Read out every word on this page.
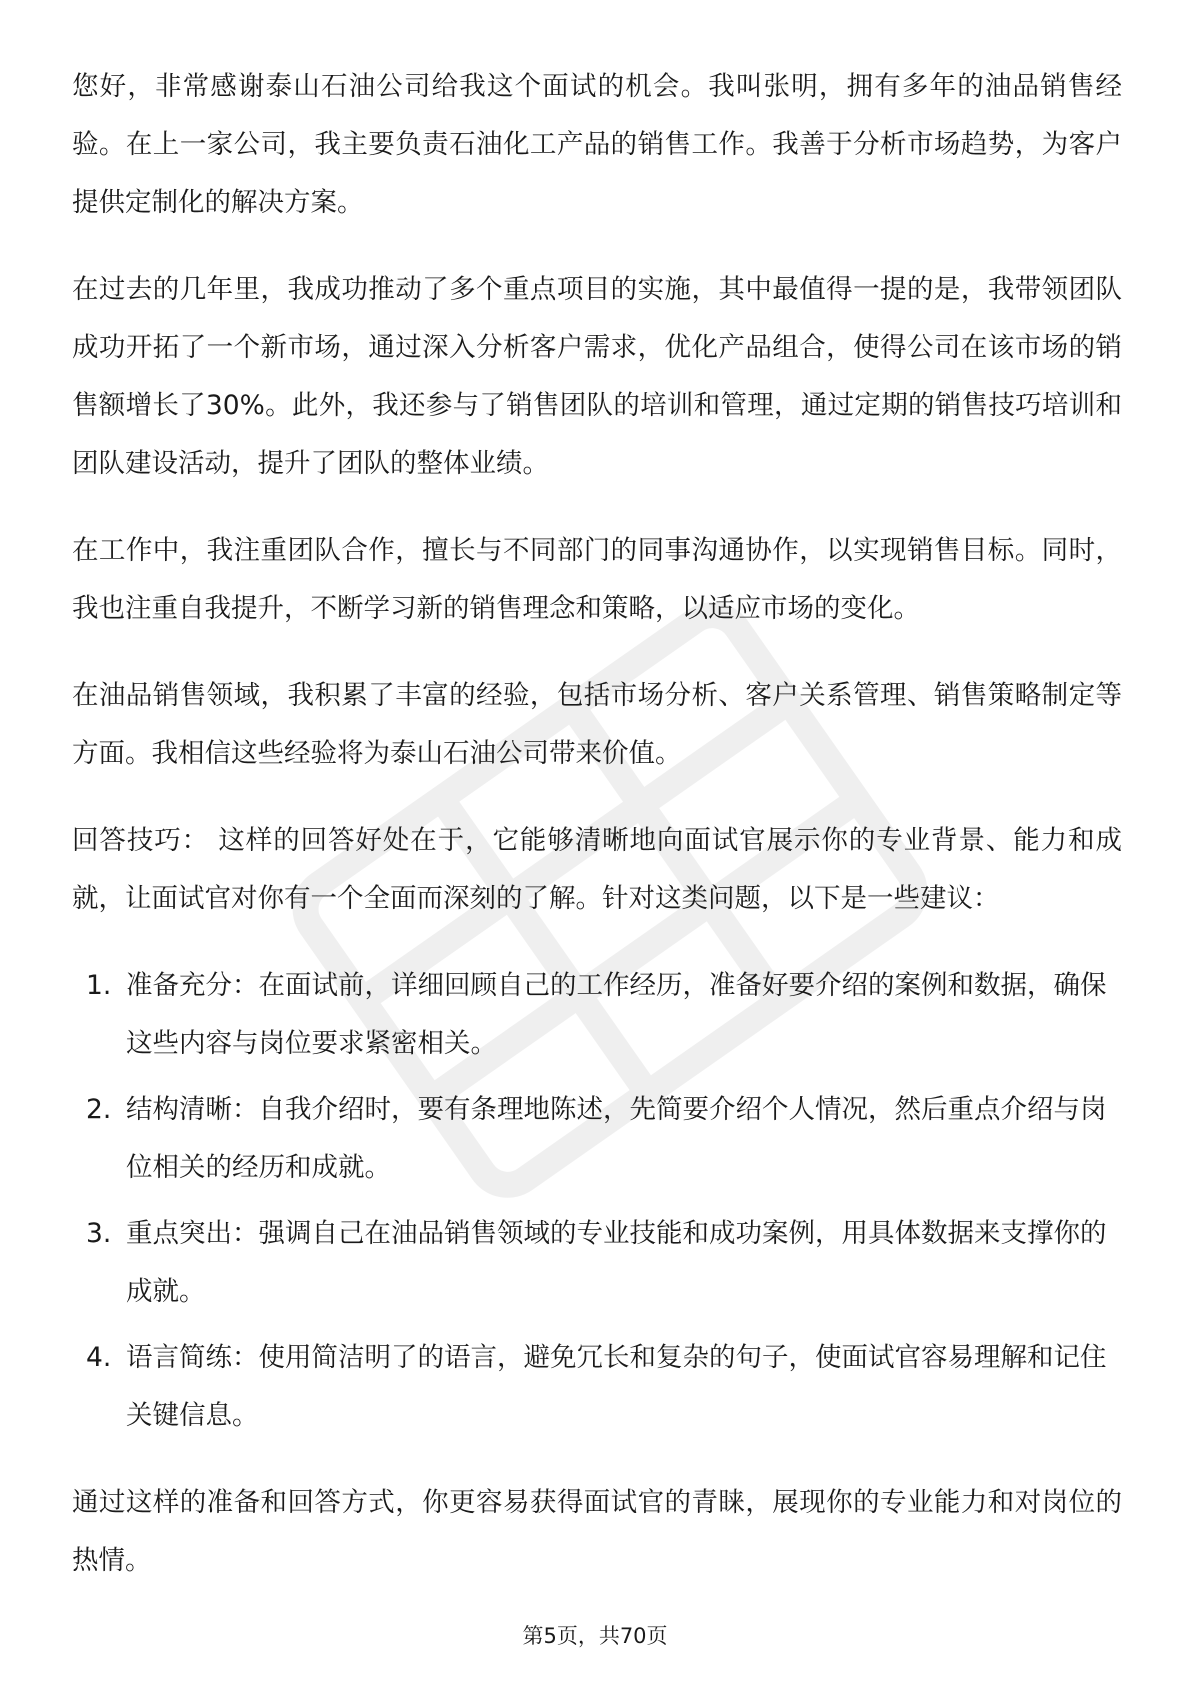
您好，非常感谢泰山石油公司给我这个面试的机会。我叫张明，拥有多年的油品销售经验。在上一家公司，我主要负责石油化工产品的销售工作。我善于分析市场趋势，为客户提供定制化的解决方案。

在过去的几年里，我成功推动了多个重点项目的实施，其中最值得一提的是，我带领团队成功开拓了一个新市场，通过深入分析客户需求，优化产品组合，使得公司在该市场的销售额增长了30%。此外，我还参与了销售团队的培训和管理，通过定期的销售技巧培训和团队建设活动，提升了团队的整体业绩。

在工作中，我注重团队合作，擅长与不同部门的同事沟通协作，以实现销售目标。同时，我也注重自我提升，不断学习新的销售理念和策略，以适应市场的变化。

在油品销售领域，我积累了丰富的经验，包括市场分析、客户关系管理、销售策略制定等方面。我相信这些经验将为泰山石油公司带来价值。

回答技巧： 这样的回答好处在于，它能够清晰地向面试官展示你的专业背景、能力和成就，让面试官对你有一个全面而深刻的了解。针对这类问题，以下是一些建议：

1. 准备充分：在面试前，详细回顾自己的工作经历，准备好要介绍的案例和数据，确保这些内容与岗位要求紧密相关。
2. 结构清晰：自我介绍时，要有条理地陈述，先简要介绍个人情况，然后重点介绍与岗位相关的经历和成就。
3. 重点突出：强调自己在油品销售领域的专业技能和成功案例，用具体数据来支撑你的成就。
4. 语言简练：使用简洁明了的语言，避免冗长和复杂的句子，使面试官容易理解和记住关键信息。

通过这样的准备和回答方式，你更容易获得面试官的青睐，展现你的专业能力和对岗位的热情。

第5页，共70页
